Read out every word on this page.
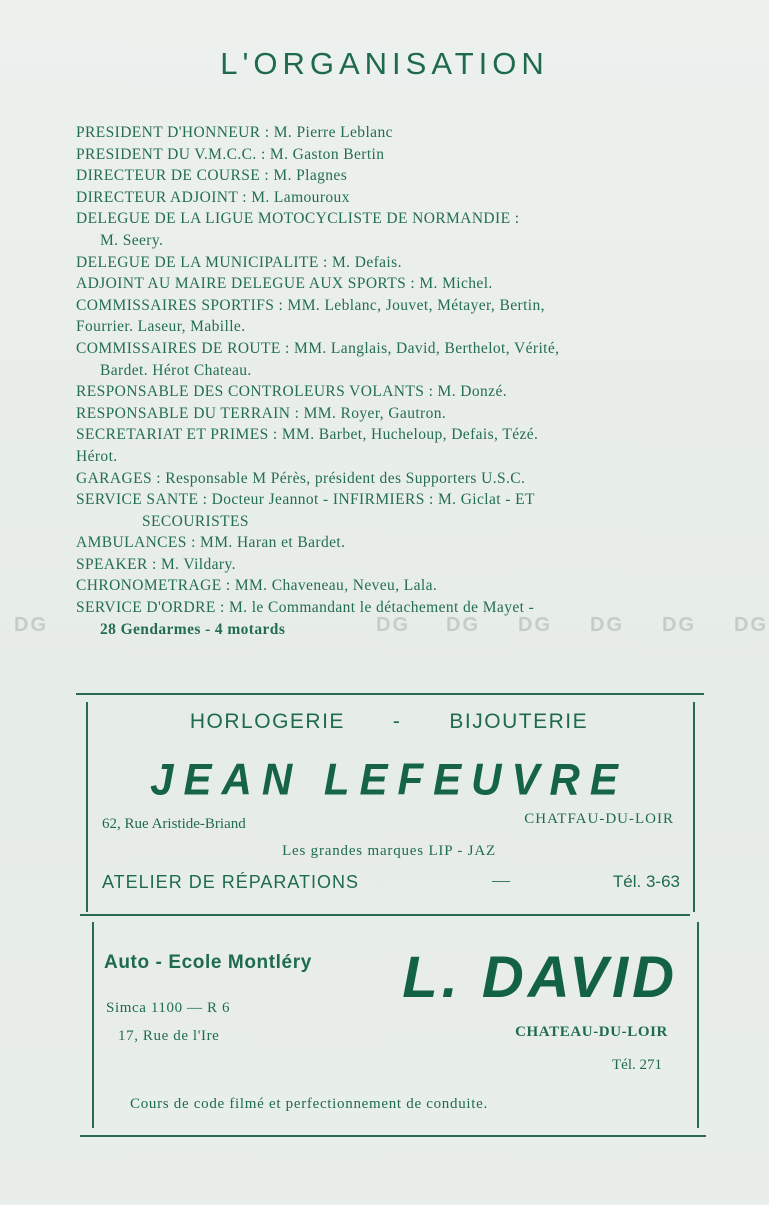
L'ORGANISATION
PRESIDENT D'HONNEUR : M. Pierre Leblanc
PRESIDENT DU V.M.C.C. : M. Gaston Bertin
DIRECTEUR DE COURSE : M. Plagnes
DIRECTEUR ADJOINT : M. Lamouroux
DELEGUE DE LA LIGUE MOTOCYCLISTE DE NORMANDIE :
M. Seery.
DELEGUE DE LA MUNICIPALITE : M. Defais.
ADJOINT AU MAIRE DELEGUE AUX SPORTS : M. Michel.
COMMISSAIRES SPORTIFS : MM. Leblanc, Jouvet, Métayer, Bertin,
Fourrier. Laseur, Mabille.
COMMISSAIRES DE ROUTE : MM. Langlais, David, Berthelot, Vérité,
Bardet. Hérot Chateau.
RESPONSABLE DES CONTROLEURS VOLANTS : M. Donzé.
RESPONSABLE DU TERRAIN : MM. Royer, Gautron.
SECRETARIAT ET PRIMES : MM. Barbet, Hucheloup, Defais, Tézé.
Hérot.
GARAGES : Responsable M Pérès, président des Supporters U.S.C.
SERVICE SANTE : Docteur Jeannot - INFIRMIERS : M. Giclat - ET
SECOURISTES
AMBULANCES : MM. Haran et Bardet.
SPEAKER : M. Vildary.
CHRONOMETRAGE : MM. Chaveneau, Neveu, Lala.
SERVICE D'ORDRE : M. le Commandant le détachement de Mayet -
28 Gendarmes - 4 motards
DG	DG DG DG DG DG DG
HORLOGERIE - BIJOUTERIE
JEAN LEFEUVRE
62, Rue Aristide-Briand	CHATFAU-DU-LOIR
Les grandes marques LIP - JAZ
ATELIER DE RÉPARATIONS	—	Tél. 3-63
Auto - Ecole Montléry L. DAVID
Simca 1100 — R 6
17, Rue de l'Ire	CHATEAU-DU-LOIR
Tél. 271
Cours de code filmé et perfectionnement de conduite.
